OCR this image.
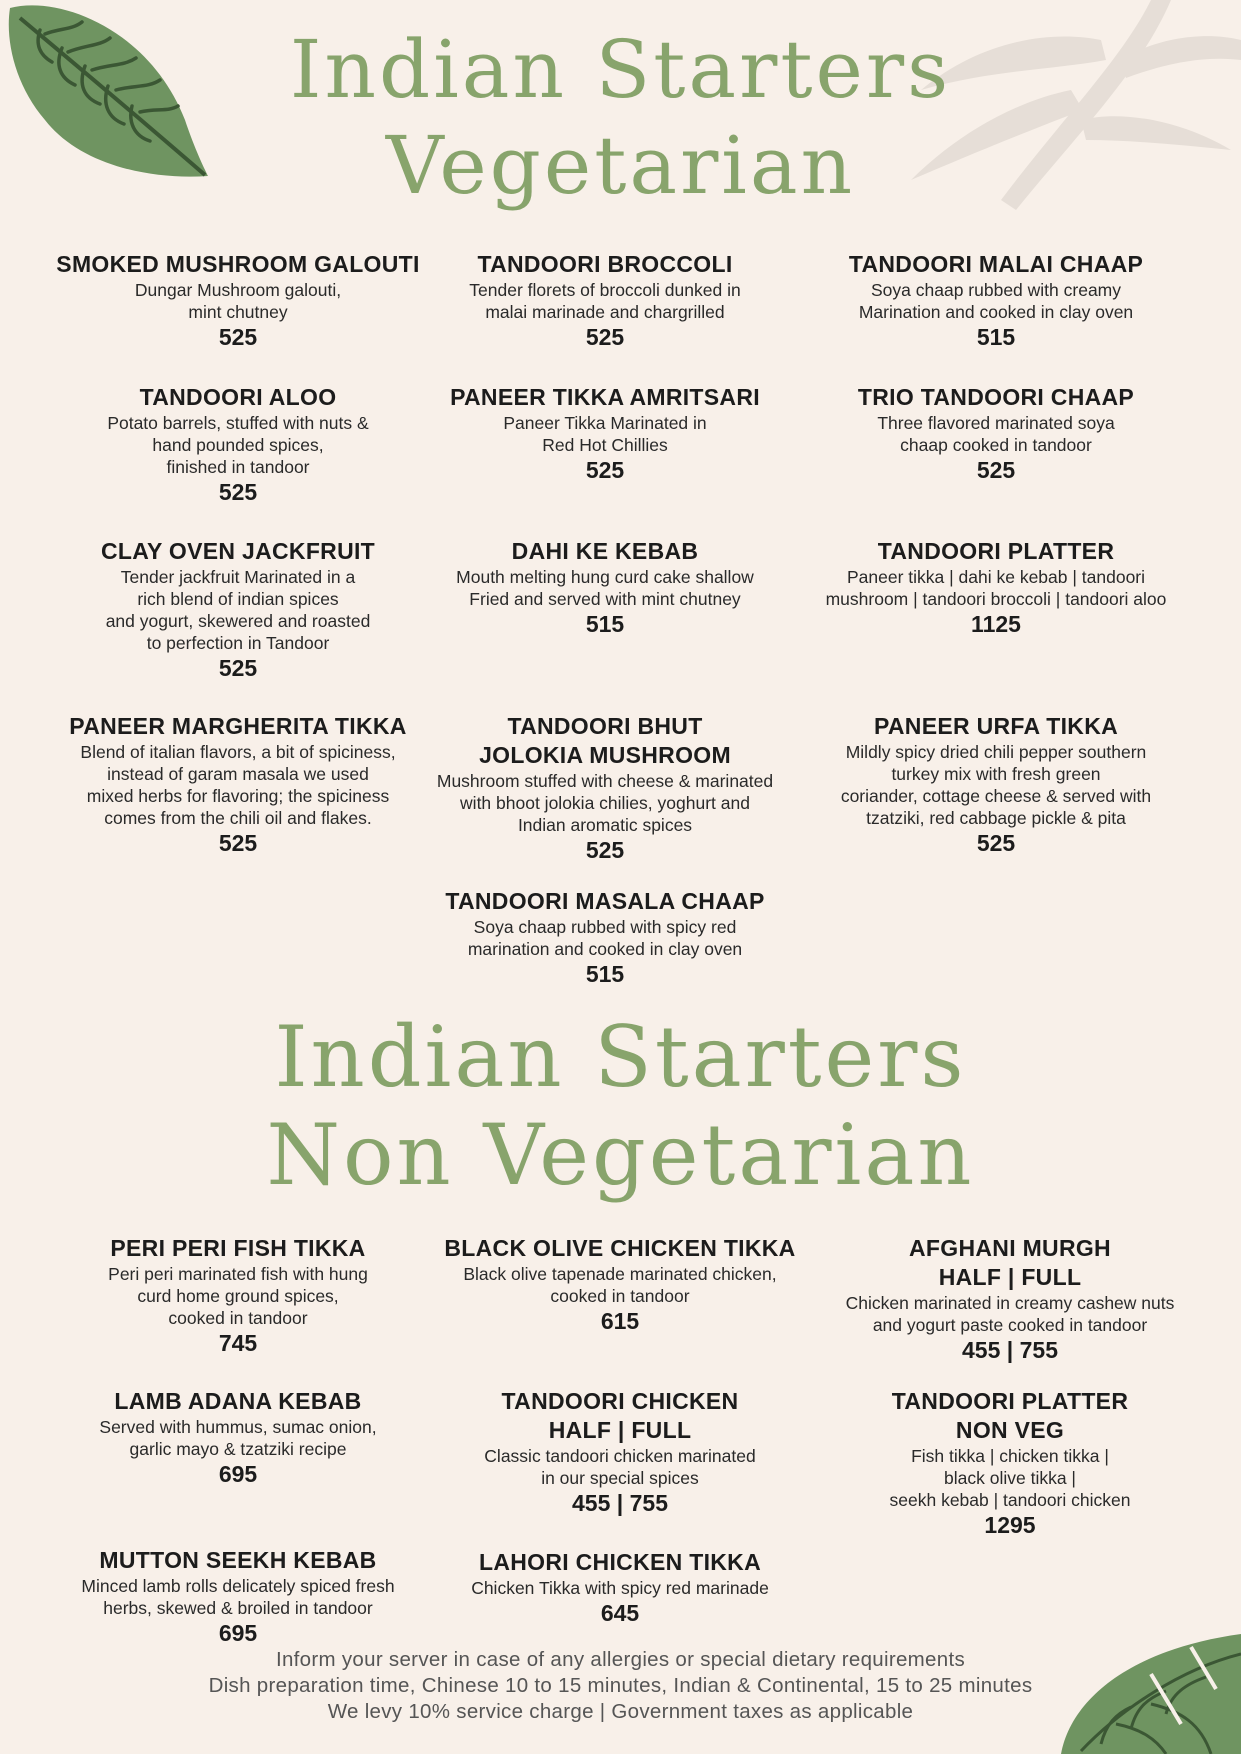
Indian Starters
Vegetarian
SMOKED MUSHROOM GALOUTI
Dungar Mushroom galouti,
mint chutney
525
TANDOORI BROCCOLI
Tender florets of broccoli dunked in
malai marinade and chargrilled
525
TANDOORI MALAI CHAAP
Soya chaap rubbed with creamy
Marination and cooked in clay oven
515
TANDOORI ALOO
Potato barrels, stuffed with nuts &
hand pounded spices,
finished in tandoor
525
PANEER TIKKA AMRITSARI
Paneer Tikka Marinated in
Red Hot Chillies
525
TRIO TANDOORI CHAAP
Three flavored marinated soya
chaap cooked in tandoor
525
CLAY OVEN JACKFRUIT
Tender jackfruit Marinated in a
rich blend of indian spices
and yogurt, skewered and roasted
to perfection in Tandoor
525
DAHI KE KEBAB
Mouth melting hung curd cake shallow
Fried and served with mint chutney
515
TANDOORI PLATTER
Paneer tikka | dahi ke kebab | tandoori
mushroom | tandoori broccoli | tandoori aloo
1125
PANEER MARGHERITA TIKKA
Blend of italian flavors, a bit of spiciness,
instead of garam masala we used
mixed herbs for flavoring; the spiciness
comes from the chili oil and flakes.
525
TANDOORI BHUT
JOLOKIA MUSHROOM
Mushroom stuffed with cheese & marinated
with bhoot jolokia chilies, yoghurt and
Indian aromatic spices
525
PANEER URFA TIKKA
Mildly spicy dried chili pepper southern
turkey mix with fresh green
coriander, cottage cheese & served with
tzatziki, red cabbage pickle & pita
525
TANDOORI MASALA CHAAP
Soya chaap rubbed with spicy red
marination and cooked in clay oven
515
Indian Starters
Non Vegetarian
PERI PERI FISH TIKKA
Peri peri marinated fish with hung
curd home ground spices,
cooked in tandoor
745
BLACK OLIVE CHICKEN TIKKA
Black olive tapenade marinated chicken,
cooked in tandoor
615
AFGHANI MURGH
HALF | FULL
Chicken marinated in creamy cashew nuts
and yogurt paste cooked in tandoor
455 | 755
LAMB ADANA KEBAB
Served with hummus, sumac onion,
garlic mayo & tzatziki recipe
695
TANDOORI CHICKEN
HALF | FULL
Classic tandoori chicken marinated
in our special spices
455 | 755
TANDOORI PLATTER
NON VEG
Fish tikka | chicken tikka |
black olive tikka |
seekh kebab | tandoori chicken
1295
MUTTON SEEKH KEBAB
Minced lamb rolls delicately spiced fresh
herbs, skewed & broiled in tandoor
695
LAHORI CHICKEN TIKKA
Chicken Tikka with spicy red marinade
645
Inform your server in case of any allergies or special dietary requirements
Dish preparation time, Chinese 10 to 15 minutes, Indian & Continental, 15 to 25 minutes
We levy 10% service charge | Government taxes as applicable
